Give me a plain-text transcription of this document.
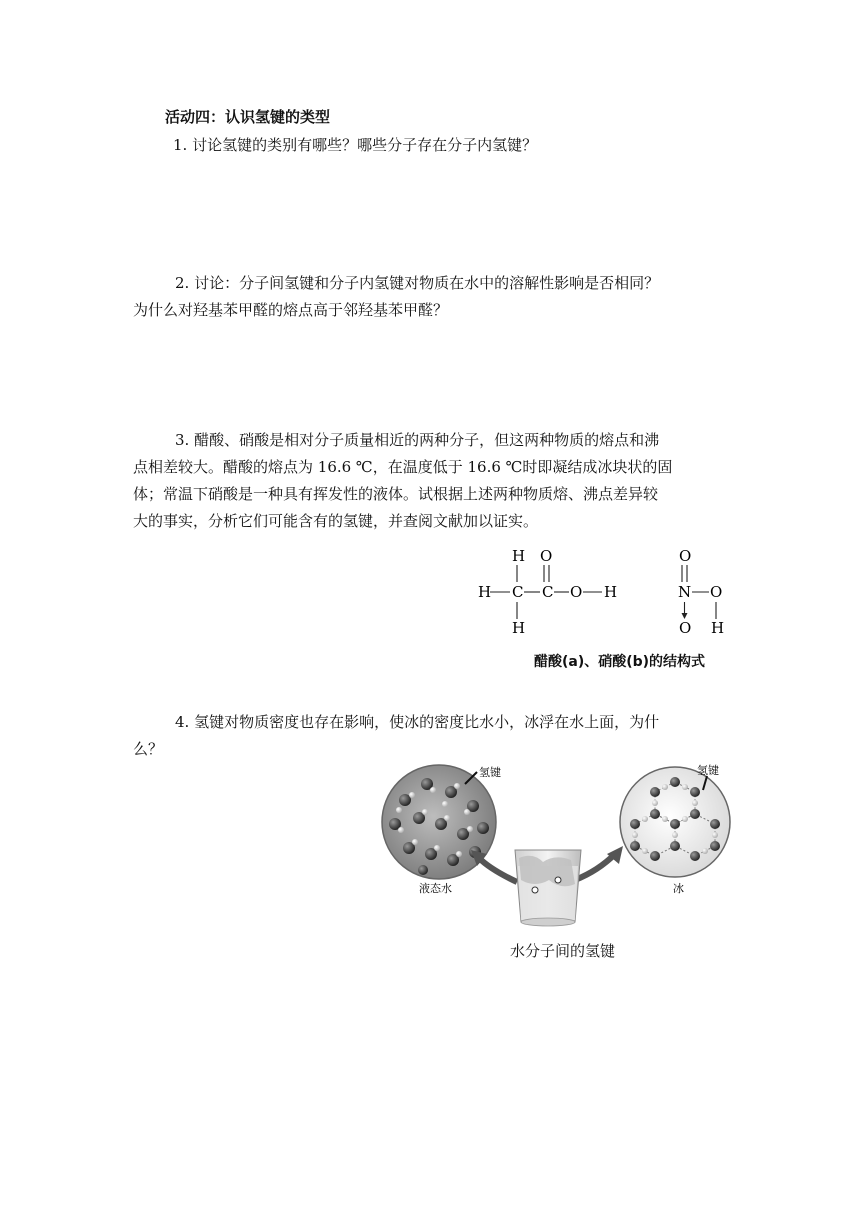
活动四：认识氢键的类型
1. 讨论氢键的类别有哪些？哪些分子存在分子内氢键？
2. 讨论：分子间氢键和分子内氢键对物质在水中的溶解性影响是否相同？
为什么对羟基苯甲醛的熔点高于邻羟基苯甲醛？
3. 醋酸、硝酸是相对分子质量相近的两种分子，但这两种物质的熔点和沸
点相差较大。醋酸的熔点为 16.6 ℃，在温度低于 16.6 ℃时即凝结成冰块状的固
体；常温下硝酸是一种具有挥发性的液体。试根据上述两种物质熔、沸点差异较
大的事实，分析它们可能含有的氢键，并查阅文献加以证实。
H O
H C C O H
H
O
N O
O H
醋酸(a)、硝酸(b)的结构式
4. 氢键对物质密度也存在影响，使冰的密度比水小，冰浮在水上面，为什
么？
氢键
液态水
氢键
冰
水分子间的氢键
